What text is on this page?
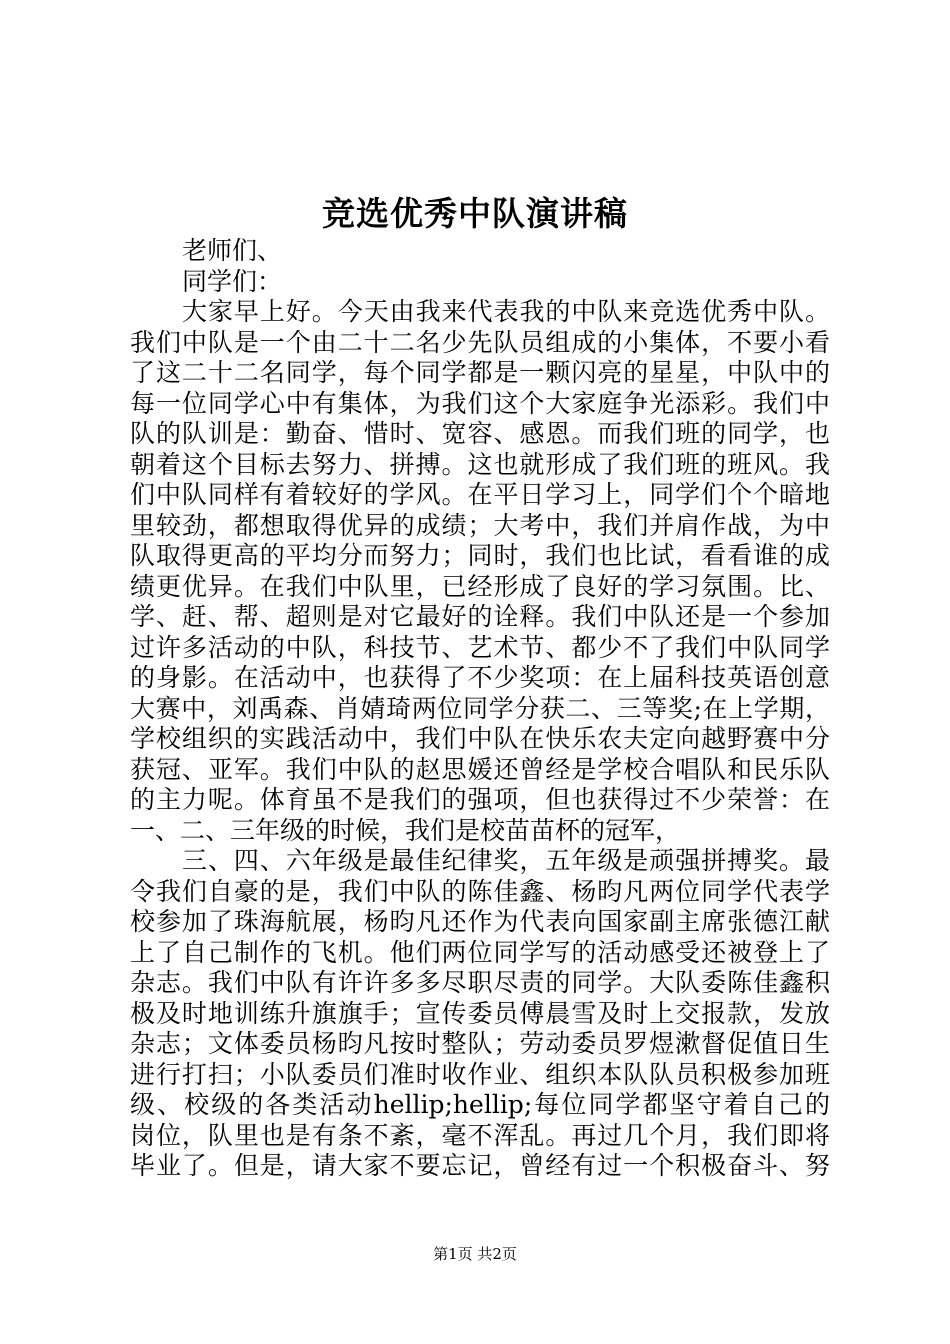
竞选优秀中队演讲稿
老师们、
同学们：
大家早上好。今天由我来代表我的中队来竞选优秀中队。
我们中队是一个由二十二名少先队员组成的小集体，不要小看
了这二十二名同学，每个同学都是一颗闪亮的星星，中队中的
每一位同学心中有集体，为我们这个大家庭争光添彩。我们中
队的队训是：勤奋、惜时、宽容、感恩。而我们班的同学，也
朝着这个目标去努力、拼搏。这也就形成了我们班的班风。我
们中队同样有着较好的学风。在平日学习上，同学们个个暗地
里较劲，都想取得优异的成绩；大考中，我们并肩作战，为中
队取得更高的平均分而努力；同时，我们也比试，看看谁的成
绩更优异。在我们中队里，已经形成了良好的学习氛围。比、
学、赶、帮、超则是对它最好的诠释。我们中队还是一个参加
过许多活动的中队，科技节、艺术节、都少不了我们中队同学
的身影。在活动中，也获得了不少奖项：在上届科技英语创意
大赛中，刘禹森、肖婧琦两位同学分获二、三等奖;在上学期，
学校组织的实践活动中，我们中队在快乐农夫定向越野赛中分
获冠、亚军。我们中队的赵思媛还曾经是学校合唱队和民乐队
的主力呢。体育虽不是我们的强项，但也获得过不少荣誉：在
一、二、三年级的时候，我们是校苗苗杯的冠军，
三、四、六年级是最佳纪律奖，五年级是顽强拼搏奖。最
令我们自豪的是，我们中队的陈佳鑫、杨昀凡两位同学代表学
校参加了珠海航展，杨昀凡还作为代表向国家副主席张德江献
上了自己制作的飞机。他们两位同学写的活动感受还被登上了
杂志。我们中队有许许多多尽职尽责的同学。大队委陈佳鑫积
极及时地训练升旗旗手；宣传委员傅晨雪及时上交报款，发放
杂志；文体委员杨昀凡按时整队；劳动委员罗煜漱督促值日生
进行打扫；小队委员们准时收作业、组织本队队员积极参加班
级、校级的各类活动hellip;hellip;每位同学都坚守着自己的
岗位，队里也是有条不紊，毫不浑乱。再过几个月，我们即将
毕业了。但是，请大家不要忘记，曾经有过一个积极奋斗、努
第1页 共2页
